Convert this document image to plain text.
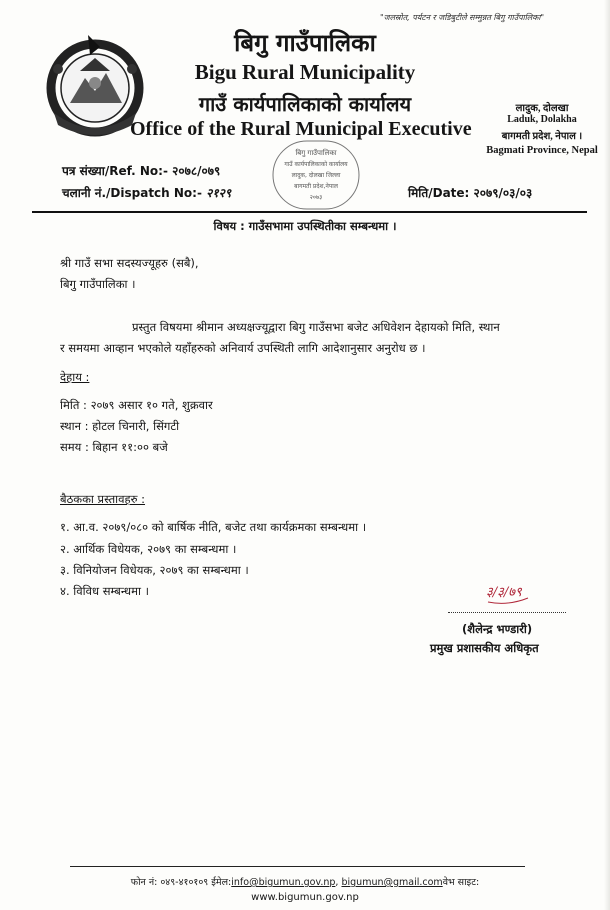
"जलस्रोत, पर्यटन र जडिबुटीले सम्मुन्नत बिगु गाउँपालिका"
बिगु गाउँपालिका
Bigu Rural Municipality
गाउँ कार्यपालिकाको कार्यालय
Office of the Rural Municipal Executive
लादुक, दोलखा
Laduk, Dolakha
बागमती प्रदेश, नेपाल ।
Bagmati Province, Nepal
बिगु गाउँपालिका
गाउँ कार्यपालिकाको कार्यालय
लादुक, दोलखा जिल्ला
बागमती प्रदेश,नेपाल
२०७३
पत्र संख्या/Ref. No:- २०७८/०७९
चलानी नं./Dispatch No:- २१२९	मिति/Date: २०७९/०३/०३
विषय : गाउँसभामा उपस्थितीका सम्बन्धमा ।
श्री गाउँ सभा सदस्यज्यूहरु (सबै),
बिगु गाउँपालिका ।
प्रस्तुत विषयमा श्रीमान अध्यक्षज्यूद्वारा बिगु गाउँसभा बजेट अधिवेशन देहायको मिति, स्थान
र समयमा आव्हान भएकोले यहाँहरुको अनिवार्य उपस्थिती लागि आदेशानुसार अनुरोध छ ।
देहाय :
मिति : २०७९ असार १० गते, शुक्रवार
स्थान : होटल चिनारी, सिंगटी
समय : बिहान ११:०० बजे
बैठकका प्रस्तावहरु :
१. आ.व. २०७९/०८० को बार्षिक नीति, बजेट तथा कार्यक्रमका सम्बन्धमा ।
२. आर्थिक विधेयक, २०७९ का सम्बन्धमा ।
३. विनियोजन विधेयक, २०७९ का सम्बन्धमा ।
४. विविध सम्बन्धमा ।	३/३/७९
(शैलेन्द्र भण्डारी)
प्रमुख प्रशासकीय अधिकृत
फोन नं: ०४९-४१०१०९ ईमेल:info@bigumun.gov.np, bigumun@gmail.comवेभ साइट:
www.bigumun.gov.np
